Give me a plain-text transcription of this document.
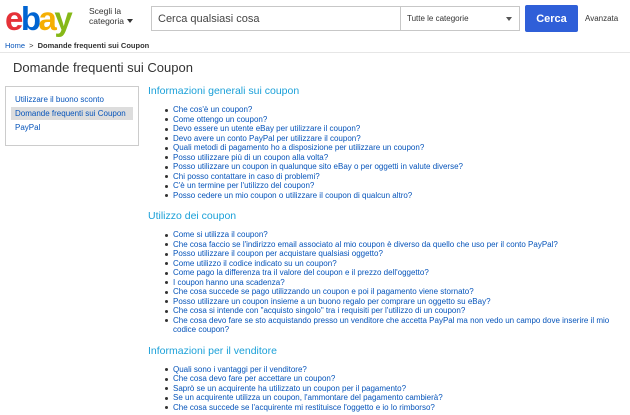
ebay	Scegli la
categoria
Cerca qualsiasi cosa	Tutte le categorie	Cerca	Avanzata
Home > Domande frequenti sui Coupon
Domande frequenti sui Coupon
Utilizzare il buono sconto
Domande frequenti sui Coupon
PayPal
Informazioni generali sui coupon
Che cos'è un coupon?
Come ottengo un coupon?
Devo essere un utente eBay per utilizzare il coupon?
Devo avere un conto PayPal per utilizzare il coupon?
Quali metodi di pagamento ho a disposizione per utilizzare un coupon?
Posso utilizzare più di un coupon alla volta?
Posso utilizzare un coupon in qualunque sito eBay o per oggetti in valute diverse?
Chi posso contattare in caso di problemi?
C'è un termine per l'utilizzo del coupon?
Posso cedere un mio coupon o utilizzare il coupon di qualcun altro?
Utilizzo dei coupon
Come si utilizza il coupon?
Che cosa faccio se l'indirizzo email associato al mio coupon è diverso da quello che uso per il conto PayPal?
Posso utilizzare il coupon per acquistare qualsiasi oggetto?
Come utilizzo il codice indicato su un coupon?
Come pago la differenza tra il valore del coupon e il prezzo dell'oggetto?
I coupon hanno una scadenza?
Che cosa succede se pago utilizzando un coupon e poi il pagamento viene stornato?
Posso utilizzare un coupon insieme a un buono regalo per comprare un oggetto su eBay?
Che cosa si intende con "acquisto singolo" tra i requisiti per l'utilizzo di un coupon?
Che cosa devo fare se sto acquistando presso un venditore che accetta PayPal ma non vedo un campo dove inserire il mio codice coupon?
Informazioni per il venditore
Quali sono i vantaggi per il venditore?
Che cosa devo fare per accettare un coupon?
Saprò se un acquirente ha utilizzato un coupon per il pagamento?
Se un acquirente utilizza un coupon, l'ammontare del pagamento cambierà?
Che cosa succede se l'acquirente mi restituisce l'oggetto e io lo rimborso?
